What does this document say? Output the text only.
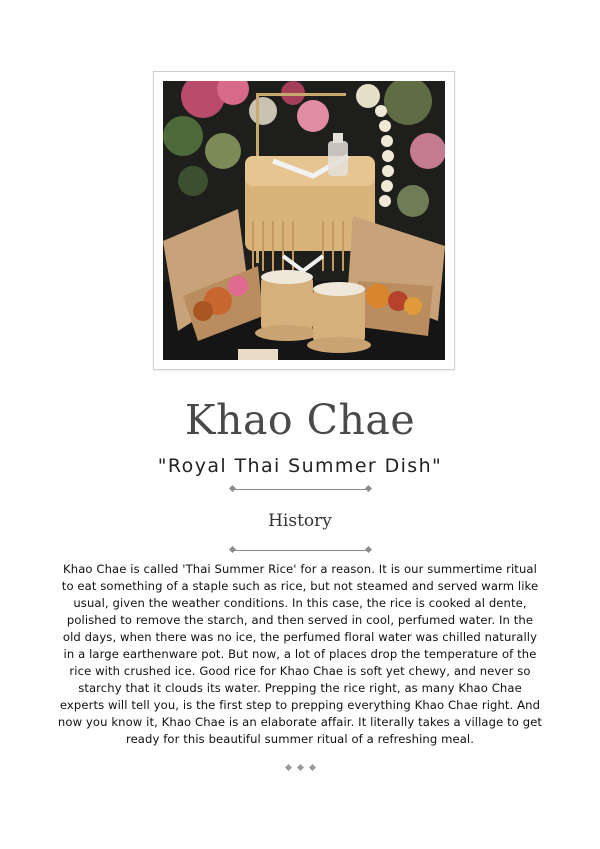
Khao Chae
"Royal Thai Summer Dish"
History
Khao Chae is called 'Thai Summer Rice' for a reason. It is our summertime ritual to eat something of a staple such as rice, but not steamed and served warm like usual, given the weather conditions. In this case, the rice is cooked al dente, polished to remove the starch, and then served in cool, perfumed water. In the old days, when there was no ice, the perfumed floral water was chilled naturally in a large earthenware pot. But now, a lot of places drop the temperature of the rice with crushed ice. Good rice for Khao Chae is soft yet chewy, and never so starchy that it clouds its water. Prepping the rice right, as many Khao Chae experts will tell you, is the first step to prepping everything Khao Chae right. And now you know it, Khao Chae is an elaborate affair. It literally takes a village to get ready for this beautiful summer ritual of a refreshing meal.
